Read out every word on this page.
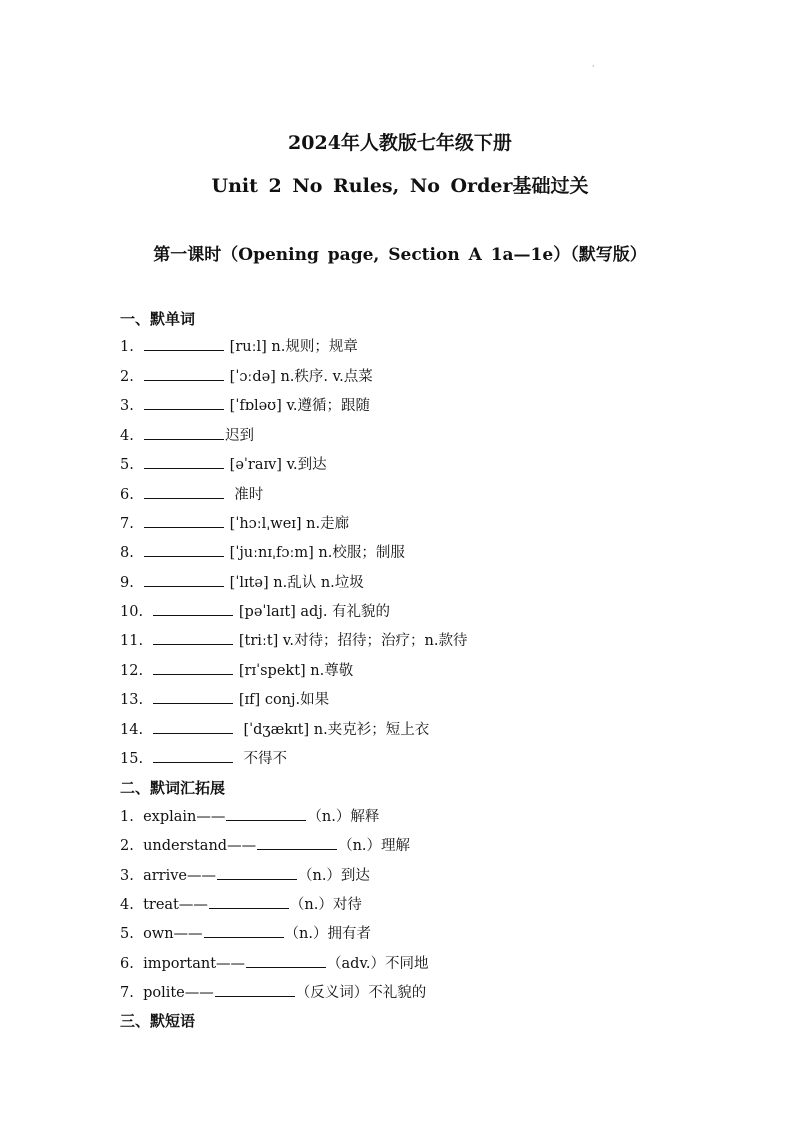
·
2024年人教版七年级下册
Unit 2 No Rules, No Order基础过关
第一课时（Opening page, Section A 1a—1e）（默写版）
一、默单词
1.	[ruːl] n.规则；规章
2.	[ˈɔːdə] n.秩序. v.点菜
3.	[ˈfɒləʊ] v.遵循；跟随
4.	迟到
5.	[əˈraɪv] v.到达
6.	准时
7.	[ˈhɔːlˌweɪ] n.走廊
8.	[ˈjuːnɪˌfɔːm] n.校服；制服
9.	[ˈlɪtə] n.乱认 n.垃圾
10.	[pəˈlaɪt] adj. 有礼貌的
11.	[triːt] v.对待；招待；治疗；n.款待
12.	[rɪˈspekt] n.尊敬
13.	[ɪf] conj.如果
14.	[ˈdʒækɪt] n.夹克衫；短上衣
15.	不得不
二、默词汇拓展
1. explain——	（n.）解释
2. understand——	（n.）理解
3. arrive——	（n.）到达
4. treat——	（n.）对待
5. own——	（n.）拥有者
6. important——	（adv.）不同地
7. polite——	（反义词）不礼貌的
三、默短语
